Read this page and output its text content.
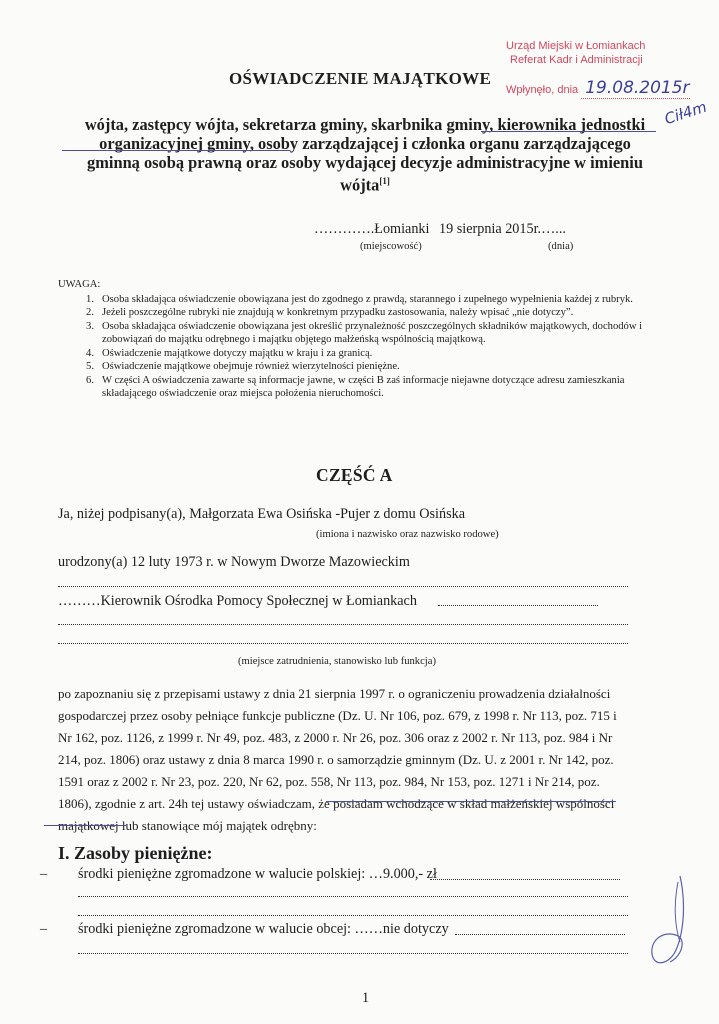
Urząd Miejski w Łomiankach
Referat Kadr i Administracji
Wpłynęło, dnia 19.08.2015r
Cił4m
OŚWIADCZENIE MAJĄTKOWE
wójta, zastępcy wójta, sekretarza gminy, skarbnika gminy, kierownika jednostki
organizacyjnej gminy, osoby zarządzającej i członka organu zarządzającego
gminną osobą prawną oraz osoby wydającej decyzje administracyjne w imieniu
wójta[1]
………….Łomianki 19 sierpnia 2015r.…...
(miejscowość)	(dnia)
UWAGA:
1. Osoba składająca oświadczenie obowiązana jest do zgodnego z prawdą, starannego i zupełnego wypełnienia każdej z rubryk.
2. Jeżeli poszczególne rubryki nie znajdują w konkretnym przypadku zastosowania, należy wpisać „nie dotyczy”.
3. Osoba składająca oświadczenie obowiązana jest określić przynależność poszczególnych składników majątkowych, dochodów i zobowiązań do majątku odrębnego i majątku objętego małżeńską wspólnością majątkową.
4. Oświadczenie majątkowe dotyczy majątku w kraju i za granicą.
5. Oświadczenie majątkowe obejmuje również wierzytelności pieniężne.
6. W części A oświadczenia zawarte są informacje jawne, w części B zaś informacje niejawne dotyczące adresu zamieszkania składającego oświadczenie oraz miejsca położenia nieruchomości.
CZĘŚĆ A
Ja, niżej podpisany(a), Małgorzata Ewa Osińska -Pujer z domu Osińska
(imiona i nazwisko oraz nazwisko rodowe)
urodzony(a) 12 luty 1973 r. w Nowym Dworze Mazowieckim
………Kierownik Ośrodka Pomocy Społecznej w Łomiankach
(miejsce zatrudnienia, stanowisko lub funkcja)
po zapoznaniu się z przepisami ustawy z dnia 21 sierpnia 1997 r. o ograniczeniu prowadzenia działalności
gospodarczej przez osoby pełniące funkcje publiczne (Dz. U. Nr 106, poz. 679, z 1998 r. Nr 113, poz. 715 i
Nr 162, poz. 1126, z 1999 r. Nr 49, poz. 483, z 2000 r. Nr 26, poz. 306 oraz z 2002 r. Nr 113, poz. 984 i Nr
214, poz. 1806) oraz ustawy z dnia 8 marca 1990 r. o samorządzie gminnym (Dz. U. z 2001 r. Nr 142, poz.
1591 oraz z 2002 r. Nr 23, poz. 220, Nr 62, poz. 558, Nr 113, poz. 984, Nr 153, poz. 1271 i Nr 214, poz.
1806), zgodnie z art. 24h tej ustawy oświadczam, że posiadam wchodzące w skład małżeńskiej wspólności
majątkowej lub stanowiące mój majątek odrębny:
I. Zasoby pieniężne:
– środki pieniężne zgromadzone w walucie polskiej: …9.000,- zł
– środki pieniężne zgromadzone w walucie obcej: ……nie dotyczy
1
